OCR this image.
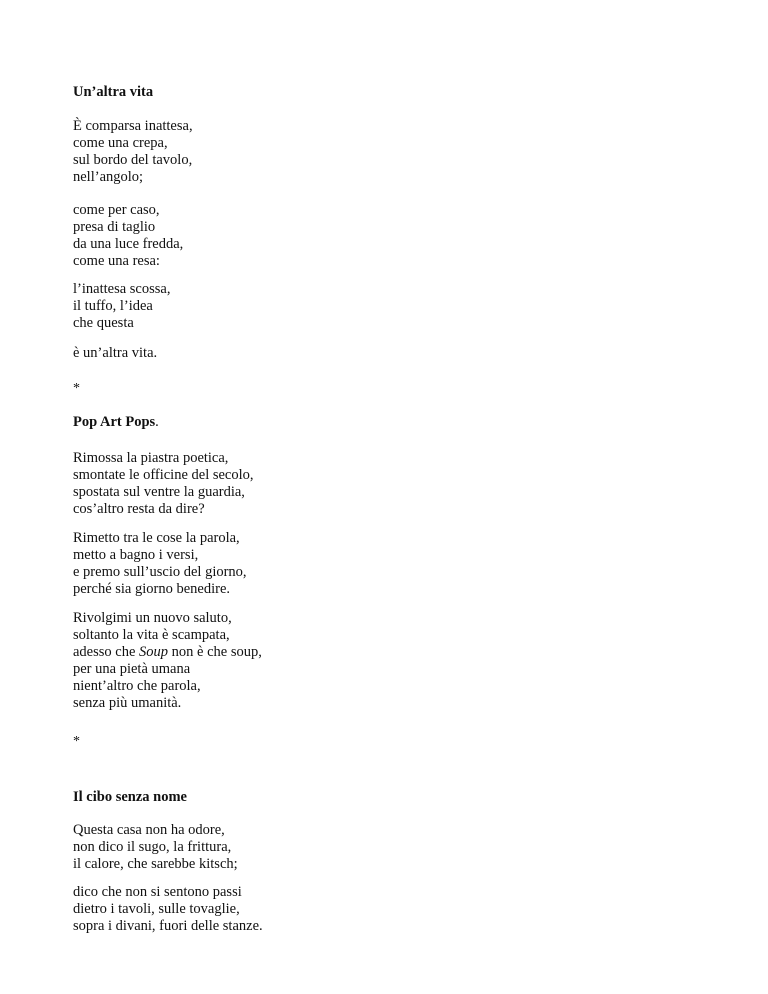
Un’altra vita
È comparsa inattesa,
come una crepa,
sul bordo del tavolo,
nell’angolo;
come per caso,
presa di taglio
da una luce fredda,
come una resa:
l’inattesa scossa,
il tuffo, l’idea
che questa
è un’altra vita.
*
Pop Art Pops.
Rimossa la piastra poetica,
smontate le officine del secolo,
spostata sul ventre la guardia,
cos’altro resta da dire?
Rimetto tra le cose la parola,
metto a bagno i versi,
e premo sull’uscio del giorno,
perché sia giorno benedire.
Rivolgimi un nuovo saluto,
soltanto la vita è scampata,
adesso che Soup non è che soup,
per una pietà umana
nient’altro che parola,
senza più umanità.
*
Il cibo senza nome
Questa casa non ha odore,
non dico il sugo, la frittura,
il calore, che sarebbe kitsch;
dico che non si sentono passi
dietro i tavoli, sulle tovaglie,
sopra i divani, fuori delle stanze.
